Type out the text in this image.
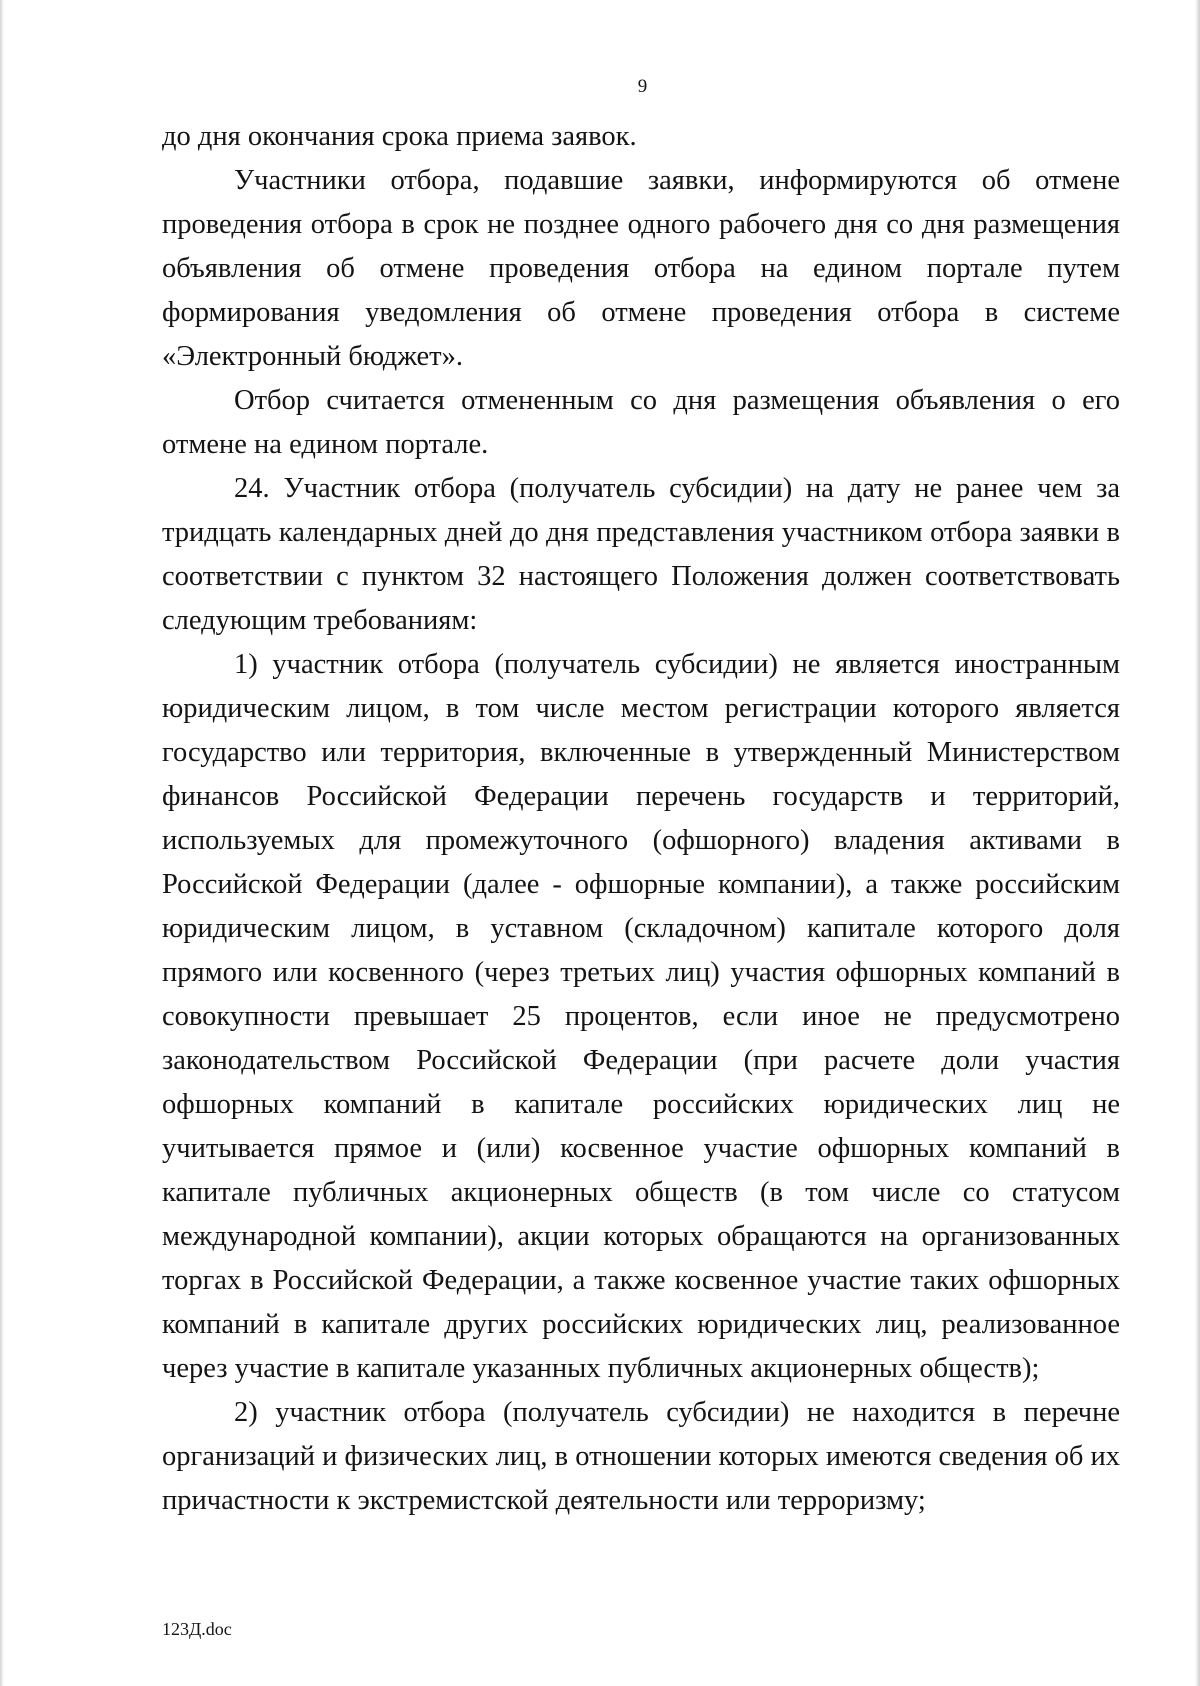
9

до дня окончания срока приема заявок.

Участники отбора, подавшие заявки, информируются об отмене проведения отбора в срок не позднее одного рабочего дня со дня размещения объявления об отмене проведения отбора на едином портале путем формирования уведомления об отмене проведения отбора в системе «Электронный бюджет».

Отбор считается отмененным со дня размещения объявления о его отмене на едином портале.

24. Участник отбора (получатель субсидии) на дату не ранее чем за тридцать календарных дней до дня представления участником отбора заявки в соответствии с пунктом 32 настоящего Положения должен соответствовать следующим требованиям:

1) участник отбора (получатель субсидии) не является иностранным юридическим лицом, в том числе местом регистрации которого является государство или территория, включенные в утвержденный Министерством финансов Российской Федерации перечень государств и территорий, используемых для промежуточного (офшорного) владения активами в Российской Федерации (далее - офшорные компании), а также российским юридическим лицом, в уставном (складочном) капитале которого доля прямого или косвенного (через третьих лиц) участия офшорных компаний в совокупности превышает 25 процентов, если иное не предусмотрено законодательством Российской Федерации (при расчете доли участия офшорных компаний в капитале российских юридических лиц не учитывается прямое и (или) косвенное участие офшорных компаний в капитале публичных акционерных обществ (в том числе со статусом международной компании), акции которых обращаются на организованных торгах в Российской Федерации, а также косвенное участие таких офшорных компаний в капитале других российских юридических лиц, реализованное через участие в капитале указанных публичных акционерных обществ);

2) участник отбора (получатель субсидии) не находится в перечне организаций и физических лиц, в отношении которых имеются сведения об их причастности к экстремистской деятельности или терроризму;

123Д.doc
